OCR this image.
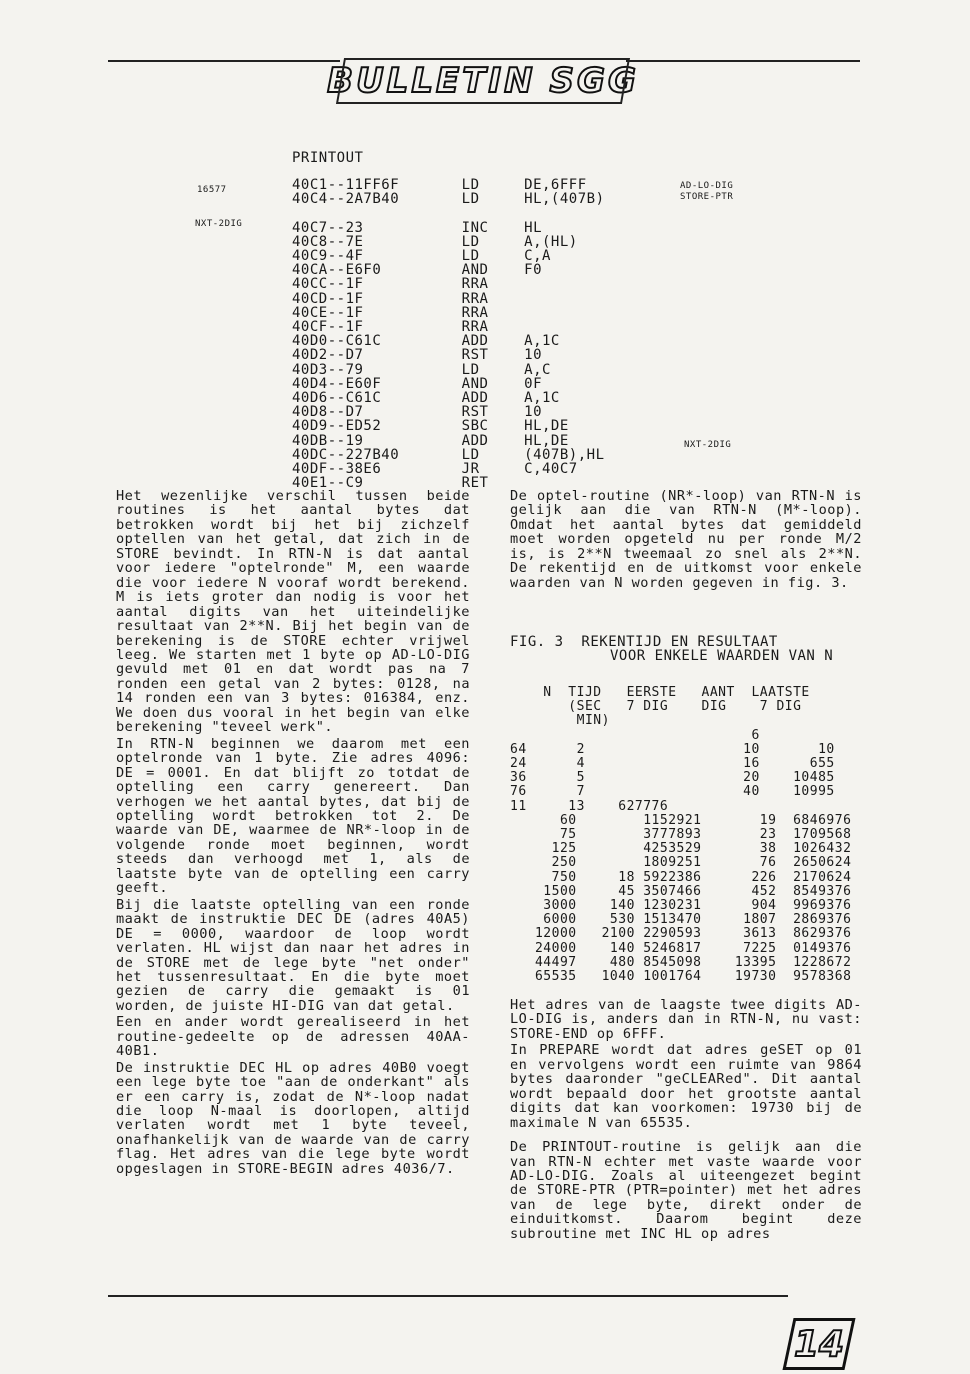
BULLETIN SGG
PRINTOUT
40C1--11FF6F       LD     DE,6FFF
40C4--2A7B40       LD     HL,(407B)

40C7--23           INC    HL
40C8--7E           LD     A,(HL)
40C9--4F           LD     C,A
40CA--E6F0         AND    F0
40CC--1F           RRA
40CD--1F           RRA
40CE--1F           RRA
40CF--1F           RRA
40D0--C61C         ADD    A,1C
40D2--D7           RST    10
40D3--79           LD     A,C
40D4--E60F         AND    0F
40D6--C61C         ADD    A,1C
40D8--D7           RST    10
40D9--ED52         SBC    HL,DE
40DB--19           ADD    HL,DE
40DC--227B40       LD     (407B),HL
40DF--38E6         JR     C,40C7
40E1--C9           RET
16577
NXT-2DIG
AD-LO-DIG
STORE-PTR
NXT-2DIG

Het wezenlijke verschil tussen beide routines is het aantal bytes dat betrokken wordt bij het bij zichzelf optellen van het getal, dat zich in de STORE bevindt. In RTN-N is dat aantal voor iedere "optelronde" M, een waarde die voor iedere N vooraf wordt berekend. M is iets groter dan nodig is voor het aantal digits van het uiteindelijke resultaat van 2**N. Bij het begin van de berekening is de STORE echter vrijwel leeg. We starten met 1 byte op AD-LO-DIG gevuld met 01 en dat wordt pas na 7 ronden een getal van 2 bytes: 0128, na 14 ronden een van 3 bytes: 016384, enz. We doen dus vooral in het begin van elke berekening "teveel werk".

In RTN-N beginnen we daarom met een optelronde van 1 byte. Zie adres 4096: DE = 0001. En dat blijft zo totdat de optelling een carry genereert. Dan verhogen we het aantal bytes, dat bij de optelling wordt betrokken tot 2. De waarde van DE, waarmee de NR*-loop in de volgende ronde moet beginnen, wordt steeds dan verhoogd met 1, als de laatste byte van de optelling een carry geeft.

Bij die laatste optelling van een ronde maakt de instruktie DEC DE (adres 40A5) DE = 0000, waardoor de loop wordt verlaten. HL wijst dan naar het adres in de STORE met de lege byte "net onder" het tussenresultaat. En die byte moet gezien de carry die gemaakt is 01 worden, de juiste HI-DIG van dat getal.

Een en ander wordt gerealiseerd in het routine-gedeelte op de adressen 40AA-40B1.

De instruktie DEC HL op adres 40B0 voegt een lege byte toe "aan de onderkant" als er een carry is, zodat de N*-loop nadat die loop N-maal is doorlopen, altijd verlaten wordt met 1 byte teveel, onafhankelijk van de waarde van de carry flag. Het adres van die lege byte wordt opgeslagen in STORE-BEGIN adres 4036/7.

De optel-routine (NR*-loop) van RTN-N is gelijk aan die van RTN-N (M*-loop). Omdat het aantal bytes dat gemiddeld moet worden opgeteld nu per ronde M/2 is, is 2**N tweemaal zo snel als 2**N. De rekentijd en de uitkomst voor enkele waarden van N worden gegeven in fig. 3.

FIG. 3  REKENTIJD EN RESULTAAT
VOOR ENKELE WAARDEN VAN N
N  TIJD   EERSTE   AANT  LAATSTE
(SEC   7 DIG    DIG    7 DIG
MIN)
6
64      2                   10       10
24      4                   16      655
36      5                   20    10485
76      7                   40    10995
11     13    627776
60        1152921       19  6846976
75        3777893       23  1709568
125        4253529       38  1026432
250        1809251       76  2650624
750     18 5922386      226  2170624
1500     45 3507466      452  8549376
3000    140 1230231      904  9969376
6000    530 1513470     1807  2869376
12000   2100 2290593     3613  8629376
24000    140 5246817     7225  0149376
44497    480 8545098    13395  1228672
65535   1040 1001764    19730  9578368

Het adres van de laagste twee digits AD-LO-DIG is, anders dan in RTN-N, nu vast: STORE-END op 6FFF.

In PREPARE wordt dat adres geSET op 01 en vervolgens wordt een ruimte van 9864 bytes daaronder "geCLEARed". Dit aantal wordt bepaald door het grootste aantal digits dat kan voorkomen: 19730 bij de maximale N van 65535.

De PRINTOUT-routine is gelijk aan die van RTN-N echter met vaste waarde voor AD-LO-DIG. Zoals al uiteengezet begint de STORE-PTR (PTR=pointer) met het adres van de lege byte, direkt onder de einduitkomst. Daarom begint deze subroutine met INC HL op adres

14
